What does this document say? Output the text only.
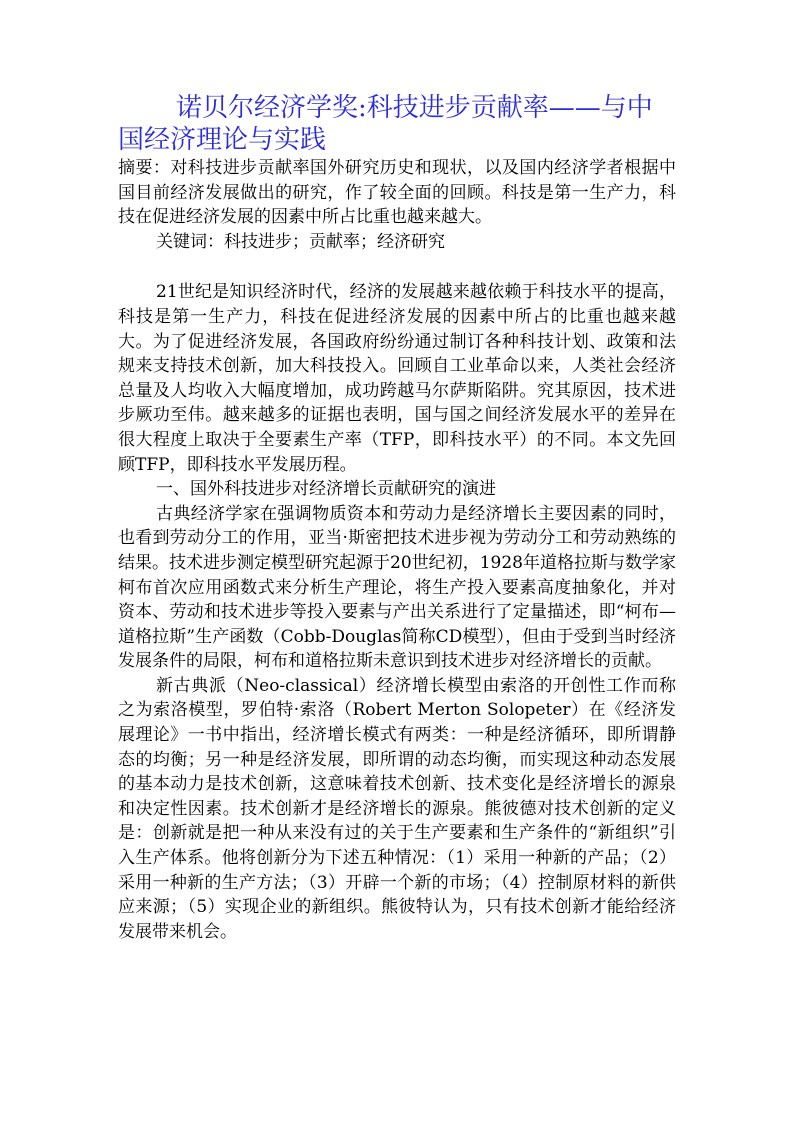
诺贝尔经济学奖:科技进步贡献率——与中国经济理论与实践

摘要：对科技进步贡献率国外研究历史和现状，以及国内经济学者根据中国目前经济发展做出的研究，作了较全面的回顾。科技是第一生产力，科技在促进经济发展的因素中所占比重也越来越大。

关键词：科技进步；贡献率；经济研究

21世纪是知识经济时代，经济的发展越来越依赖于科技水平的提高，科技是第一生产力，科技在促进经济发展的因素中所占的比重也越来越大。为了促进经济发展，各国政府纷纷通过制订各种科技计划、政策和法规来支持技术创新，加大科技投入。回顾自工业革命以来，人类社会经济总量及人均收入大幅度增加，成功跨越马尔萨斯陷阱。究其原因，技术进步厥功至伟。越来越多的证据也表明，国与国之间经济发展水平的差异在很大程度上取决于全要素生产率（TFP，即科技水平）的不同。本文先回顾TFP，即科技水平发展历程。

一、国外科技进步对经济增长贡献研究的演进

古典经济学家在强调物质资本和劳动力是经济增长主要因素的同时，也看到劳动分工的作用，亚当·斯密把技术进步视为劳动分工和劳动熟练的结果。技术进步测定模型研究起源于20世纪初，1928年道格拉斯与数学家柯布首次应用函数式来分析生产理论，将生产投入要素高度抽象化，并对资本、劳动和技术进步等投入要素与产出关系进行了定量描述，即“柯布—道格拉斯”生产函数（Cobb-Douglas简称CD模型），但由于受到当时经济发展条件的局限，柯布和道格拉斯未意识到技术进步对经济增长的贡献。

新古典派（Neo-classical）经济增长模型由索洛的开创性工作而称之为索洛模型，罗伯特·索洛（Robert Merton Solopeter）在《经济发展理论》一书中指出，经济增长模式有两类：一种是经济循环，即所谓静态的均衡；另一种是经济发展，即所谓的动态均衡，而实现这种动态发展的基本动力是技术创新，这意味着技术创新、技术变化是经济增长的源泉和决定性因素。技术创新才是经济增长的源泉。熊彼德对技术创新的定义是：创新就是把一种从来没有过的关于生产要素和生产条件的“新组织”引入生产体系。他将创新分为下述五种情况：（1）采用一种新的产品；（2）采用一种新的生产方法；（3）开辟一个新的市场；（4）控制原材料的新供应来源；（5）实现企业的新组织。熊彼特认为，只有技术创新才能给经济发展带来机会。
